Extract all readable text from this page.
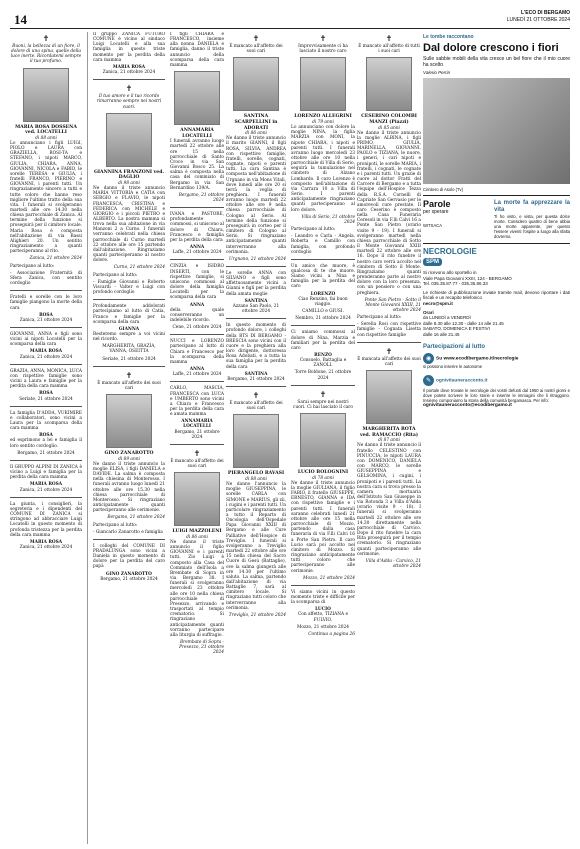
14	L'ECO DI BERGAMO
LUNEDÌ 21 OTTOBRE 2024
✝

Buoni, la bellezza di un fiore, il dolore di una spina, quelle della luce inerte. Ricordatemi sempre il tuo profumo.

MARIA ROSA DOSSENA ved. LOCATELLI
di 88 anni

Lo annunciano i figli LUIGI, PIOLO e LAURA con GRAZIELLA, ROSI-TA e STEFANO, i nipoti MARCO, GIULIA, CHIARA, ANNA, GIOVANNI, NICOLA e FABIO, le sorelle TERESA e GIULIA, i fratelli FRANCO, PIERINO e GIOVANNI, i parenti tutti. Un ringraziamento sincero a tutti e tutte coloro che hanno reso migliore l'ultimo tratto della sua vita. I funerali si svolgeranno martedì alle ore 14.30 nella chiesa parrocchiale di Zanica. Al termine della funzione si proseguirà per il cimitero locale. Maria Rosa è composta nell'abitazione di via Bassi Alighieri 20. Un sentito ringraziamento a quanti parteciperanno al rito.

Zanica, 21 ottobre 2024

Partecipano al lutto:

- Associazione Fraternità di Sfera Zanica, con sentito cordoglio

Fratelli e sorelle con le loro famiglie piangono la morte della cara

ROSA

Zanica, 21 ottobre 2024

GIOVANNI, ANNA e figli sono vicini ai nipoti Locatelli per la scomparsa della cara

MARIA ROSA

Zanica, 21 ottobre 2024

GRAZIA, ANNA, MONICA, LUCA con rispettive famiglie sono vicini a Laura e famiglie per la perdita della cara mamma

ROSA

Seriate, 21 ottobre 2024

La famiglia D'ADDA, VUKIMIRE e collaboratori, sono vicini a Laura per la scomparsa della cara mamma

ROSA

ed esprimono a lei e famiglia il loro sentito cordoglio.

Bergamo, 21 ottobre 2024

Il GRUPPO ALPINI DI ZANICA è vicino a Luigi e famiglia per la perdita della cara mamma

MARIA ROSA

Zanica, 21 ottobre 2024

La giunta, i consiglieri, la segreteria e i dipendenti del COMUNE DI ZANICA si stringono ad abbracciare Luigi Locatelli in questo momento di profonda tristezza per la perdita della cara mamma

MARIA ROSA

Zanica, 21 ottobre 2024

Il gruppo ZANICA FUTURO COMUNE è vicino al sindaco Luigi Locatelli e alla sua famiglia in questo triste momento per la perdita della cara mamma

MARIA ROSA

Zanica, 21 ottobre 2024

✝

Il tuo amore e il tuo ricordo rimarranno sempre nei nostri cuori.

GIANNINA FRANZONI ved. DAGLIO
di 98 anni

Ne danno il triste annuncio MARIA VITTORIA e CATIA con SERGIO e FLAVIO, le nipoti FRANCESCA, CRISTINA e FEDERICA con MICHELE e GIORGIO e i piccoli PIETRO e ALBERTO. La nostra mamma si trova nella sua abitazione in via Manzoni 2 a Curno. I funerali verranno celebrati nella chiesa parrocchiale di Curno martedì 22 ottobre alle ore 15 partendo dall'abitazione. Ringraziamo quanti parteciperanno al nostro dolore.

Curno, 21 ottobre 2024

Partecipano al lutto:

- Famiglie Giovanni e Roberto Viscardi - Valter e Luigi con profondo cordoglio

Profondamente addolorati partecipiamo al lutto di Catia, Franco e famiglie per la scomparsa della cara

GIANNA

Resteremo sempre a voi vicini nel ricordo.

MARGHERITA, GRAZIA, VANNA, OSEITTA

Seriate, 21 ottobre 2024

✝

È mancato all'affetto dei suoi cari

GINO ZANAROTTO
di 89 anni

Ne danno il triste annuncio la moglie ELISA, i figli DANIELA e DAVIDE. La salma è composta nella chiesina di Monterosso. I funerali avranno luogo lunedì 21 ottobre alle ore 15.30 nella chiesa parrocchiale di Monterosso. Si ringraziano anticipatamente quanti parteciperanno alle cerimonie.

Bergamo, 21 ottobre 2024

Partecipano al lutto:

- Giancarlo Zanarotto e famiglia

I colleghi del COMUNE DI PRADALUNGA sono vicini a Daniela in questo momento di dolore per la perdita del caro papà

GINO ZANAROTTO

Bergamo, 21 ottobre 2024

I figli CHIARA e FRANCESCO, insieme alla nonna DANIELA e famiglia, danno il triste annuncio della scomparsa della cara mamma

ANNAMARIA LOCATELLI

I funerali avranno luogo martedì 22 ottobre alle ore 15 nella parrocchiale di Santo Croce in via San Giovanni Bosco 25. La salma è composta nella casa del commiato di Bergamo in via San Bernardino 139/A.

Bergamo, 21 ottobre 2024

IVANA e PASTORE, profondamente commossi, si uniscono al dolore di Chiara, Francesco e famiglia per la perdita della cara

ANNA

Laffe, 21 ottobre 2024

CINZIA e ISIDRO INSERTI, con le rispettive famiglie, si uniscono commossi al dolore della famiglia Locatelli per la scomparsa della cara

ANNA

della quale conserveranno un indelebile ricordo.

Cene, 21 ottobre 2024

NUCCI e LORENZO partecipano al lutto di Chiara e Francesco per la scomparsa della mamma

ANNA

Laffe, 21 ottobre 2024

CARLO, MASCIA, FRANCESCA con LUCA e UMBERTO sono vicini a Chiara e Francesco per la perdita della cara e amata mamma

ANNAMARIA LOCATELLI

Bergamo, 21 ottobre 2024

✝

È mancato all'affetto dei suoi cari

LUIGI MAZZOLENI
di 86 anni

Ne danno il triste annuncio il figlio GIOVANNI e i parenti tutti. Zio Luigi è composto alla Casa del Commiato dell'Isola a Brembate di Sopra in via Bergamo 38. I funerali si svolgeranno mercoledì 23 ottobre alle ore 10 nella chiesa parrocchiale di Presezzo, arrivando e trasportati al tempio crematorio. Si ringraziano anticipatamente quanti vorranno partecipare alla liturgia di suffragio.

Brembate di Sopra - Presezzo, 21 ottobre 2024

✝

È mancato all'affetto dei suoi cari

SANTINA SCARPELLINI in ADOBATI
di 86 anni

Ne danno il triste annuncio il marito GIANNI, il figli ROSA, SILVIA, ANDREA con rispettive famiglie, fratelli, sorelle, cognati, cognate, nipoti e parenti tutti. La cara Santina è composta nell'abitazione di Urgnano in via Mons Vitali, dove lunedì alle ore 20 si terrà la veglia di preghiera. I funerali avranno luogo martedì 22 ottobre alle ore 9 nella chiesa parrocchiale di Cologno al Serio. Al termine della funzione si proseguirà in corteo per il cimitero di Cologno al Serio. Si ringraziano anticipatamente quanti interverranno alla cerimonia.

Urgnano, 21 ottobre 2024

Le sorelle ANNA con SILVANO e figli sono affettuosamente vicini a Gianni e figli per la perdita della amata moglie

SANTINA

Azzano San Paolo, 21 ottobre 2024

In questo momento di profondo dolore, i colleghi della BTS DI BERGAMO - BRESCIA sono vicini con il cuore e la preghiera alla loro dirigente, dottoressa Rosa Adobati, e a tutta la sua famiglia per la perdita della cara

SANTINA

Bergamo, 21 ottobre 2024

✝

È mancato all'affetto dei suoi cari

PIERANGELO RAVASI
di 88 anni

Ne danno l'annuncio la moglie GIUSEPPINA, le sorelle CARLA con SIMONE e MARIUS, gli zii, i cugini e i parenti tutti. Un particolare ringraziamento a tutto il Reparto di Oncologia dell'Ospedale Papa Giovanni XXIII di Bergamo e alle Cure Palliative dell'Hospice di Treviglio. I funerali si svolgeranno a Treviglio martedì 22 ottobre alle ore 15 nella chiesa del Sacro Cuore di Gesù (Battaglie), ove la salma giungerà alle ore 14.30 per l'ultimo saluto. La salma, partendo dall'abitazione di via Battaglie 7, sarà al cimitero locale. Si ringraziano tutti coloro che interverranno alla cerimonia.

Treviglio, 21 ottobre 2024

✝

Improvvisamente ci ha lasciato il nostro caro

LORENZO ALLEGRINI
di 79 anni

Lo annunciano con dolore la moglie NINA, la figlia MARZIA con MONI, la nipote CHIARA, i nipoti e parenti tutti. I funerali avranno luogo mercoledì 23 ottobre alle ore 10 nella parrocchiale di Villa di Serio, seguirà la tumulazione nel cimitero di Alzano Lombardo. Il caro Lorenzo è composto nell'abitazione di via Carrara 10 a Villa di Serio. I parenti anticipatamente ringraziano quanti parteciperanno al loro dolore.

Villa di Serio, 21 ottobre 2024

Partecipano al lutto:

- Leandro e Carla - Angela, Roberta e Camillo con famiglia, con profondo cordoglio

Un amico che muore, è qualcosa di te che muore. Siamo vicini a Nina e famiglia per la perdita del caro

LORENZO

Ciao Renzino, fai buon viaggio.

CAMILLO e GIUSI.

Nembro, 21 ottobre 2024

Ci uniamo commossi al dolore di Nina, Marzia e familiari per la perdita del caro

RENZO

Consuelo, Battaglia e ZANOLI.

Torre Boldone, 21 ottobre 2024

✝

Sarai sempre nei nostri cuori. Ci hai lasciato il caro

LUCIO BOLOGNINI
di 78 anni

Ne danno il triste annuncio la moglie GIULIANA, il figlio FABIO, il fratello GIUSEPPE, ERNESTO, GIANNA e IDA con rispettive famiglie e i parenti tutti. I funerali saranno celebrati lunedì 21 ottobre alle ore 15 nella parrocchiale di Mozzo, partendo dalla casa funeraria di via F.lli Calvi 16 a Porte San Pietro. Il caro Lucio sarà poi accolto nel cimitero di Mozzo. Si ringraziano anticipatamente tutti coloro che parteciperanno alle cerimonie.

Mozzo, 21 ottobre 2024

Vi siamo vicini in questo momento triste e difficile per la scomparsa di

LUCIO

Con affetto, TIZIANA e FULVIO.

Mozzo, 21 ottobre 2024

Continua a pagina 26

✝

È mancato all'affetto di tutti i suoi cari

CESERINO COLOMBI MANZI (Piazzi)
di 85 anni

Ne danno il triste annuncio la moglie ALBINA, i figli PRIMO, GIULIA, MARINELLA, GIOVANNI, PAOLO e TIZIANA, le nuore, i generi, i cari nipoti e pronipoti, le sorelle MARIA, i fratelli, i cognati, le cognate e i parenti tutti. Un grazie di cuore al dottor Fratti del Carcere di Bergamo e a tutta l'équipe dell'Hospice Tezza della R.S.A. Cornelli di Capriate San Gervasio per le amorevoli cure prestate. Il caro Ceserino è composto nella Casa Funeraria Ceresoli in via F.lli Calvi 16 a Ponte San Pietro (orario visite 9 - 19). I funerali si svolgeranno martedì nella chiesa parrocchiale di Sotto il Monte Giovanni XXIII martedì 22 ottobre alle ore 16. Dopo il rito funebre il nostro caro verrà accolto nel cimitero di Sotto il Monte. Ringraziamo quanti prenderanno parte al nostro dolore con la loro presenza, con un pensiero o con una preghiera.

Ponte San Pietro - Sotto il Monte Giovanni XXIII, 21 ottobre 2024

Partecipano al lutto:

- Serella Rosi con rispettive famiglie - Cognata Lisetta con rispettive famiglie

✝

È mancata all'affetto dei suoi cari

MARGHERITA ROTA ved. RAMACCIO (Rita)
di 87 anni

Ne danno il triste annuncio il fratello CELESTINO con PINUCCIA, le nipoti LAURA con DOMENICO, DANIELA con MARCO, le sorelle GIUSEPPINA e GELSOMINA, i cugini, i pronipoti e i parenti tutti. La nostra cara si trova presso la camera mortuaria dell'Istituto San Giuseppe in via Rotonda 3 a Villa d'Adda (orario visite 9 - 18). I funerali si svolgeranno martedì 22 ottobre alle ore 14.30 direttamente nella parrocchiale di Carvico. Dopo il rito funebre la cara Rita proseguirà per il tempio crematorio. Si ringraziano quanti parteciperanno alle cerimonie.

Villa d'Adda - Carvico, 21 ottobre 2024

Le tombe raccontano
Dal dolore crescono i fiori
Sulle sabbie mobili della vita cresce un bel fiore che il mio cuore ha scelto
Valerio Perrin
Cimitero di Asolo (Tv)
Parole
per sperare
WITSACA
La morte fa apprezzare la vita
Ti ho visto, e vista, per questa dolce morte. Considero quattro di bene abbia una morte apparente, per questo l'essere viventi l'ospite a luogo alla sfalta dovremo.
NECROLOGIE
SPM
Si ricevono allo sportello in
Viale Papa Giovanni XXIII, 124 - BERGAMO
Tel. 035.35.87.77 - 035.35.86.33
Le richieste di pubblicazione inviate tramite mail, devono riportare i dati fiscali e un recapito telefonico
necro@spm.it
Orari
da LUNEDÌ a VENERDÌ
dalle 8.30 alle 12.30 - dalle 14 alle 21.45
SABATO, DOMENICA E FESTIVI
dalle 16 alle 21.45
Partecipazioni al lutto
◉ Su www.ecodibergamo.it/necrologie
si possono inserire le autonome
✎ ognivitauneracconto.it
Il portale dove trovate le necrologie dei vostri defunti dal 1950 ai nostri giorni e dove potete scrivere le loro storie e inserire le immagini che li ritraggono. Insieme componiamo la storia della comunità bergamasca. Per info:
ognivitauneracconto@ecodibergamo.it
